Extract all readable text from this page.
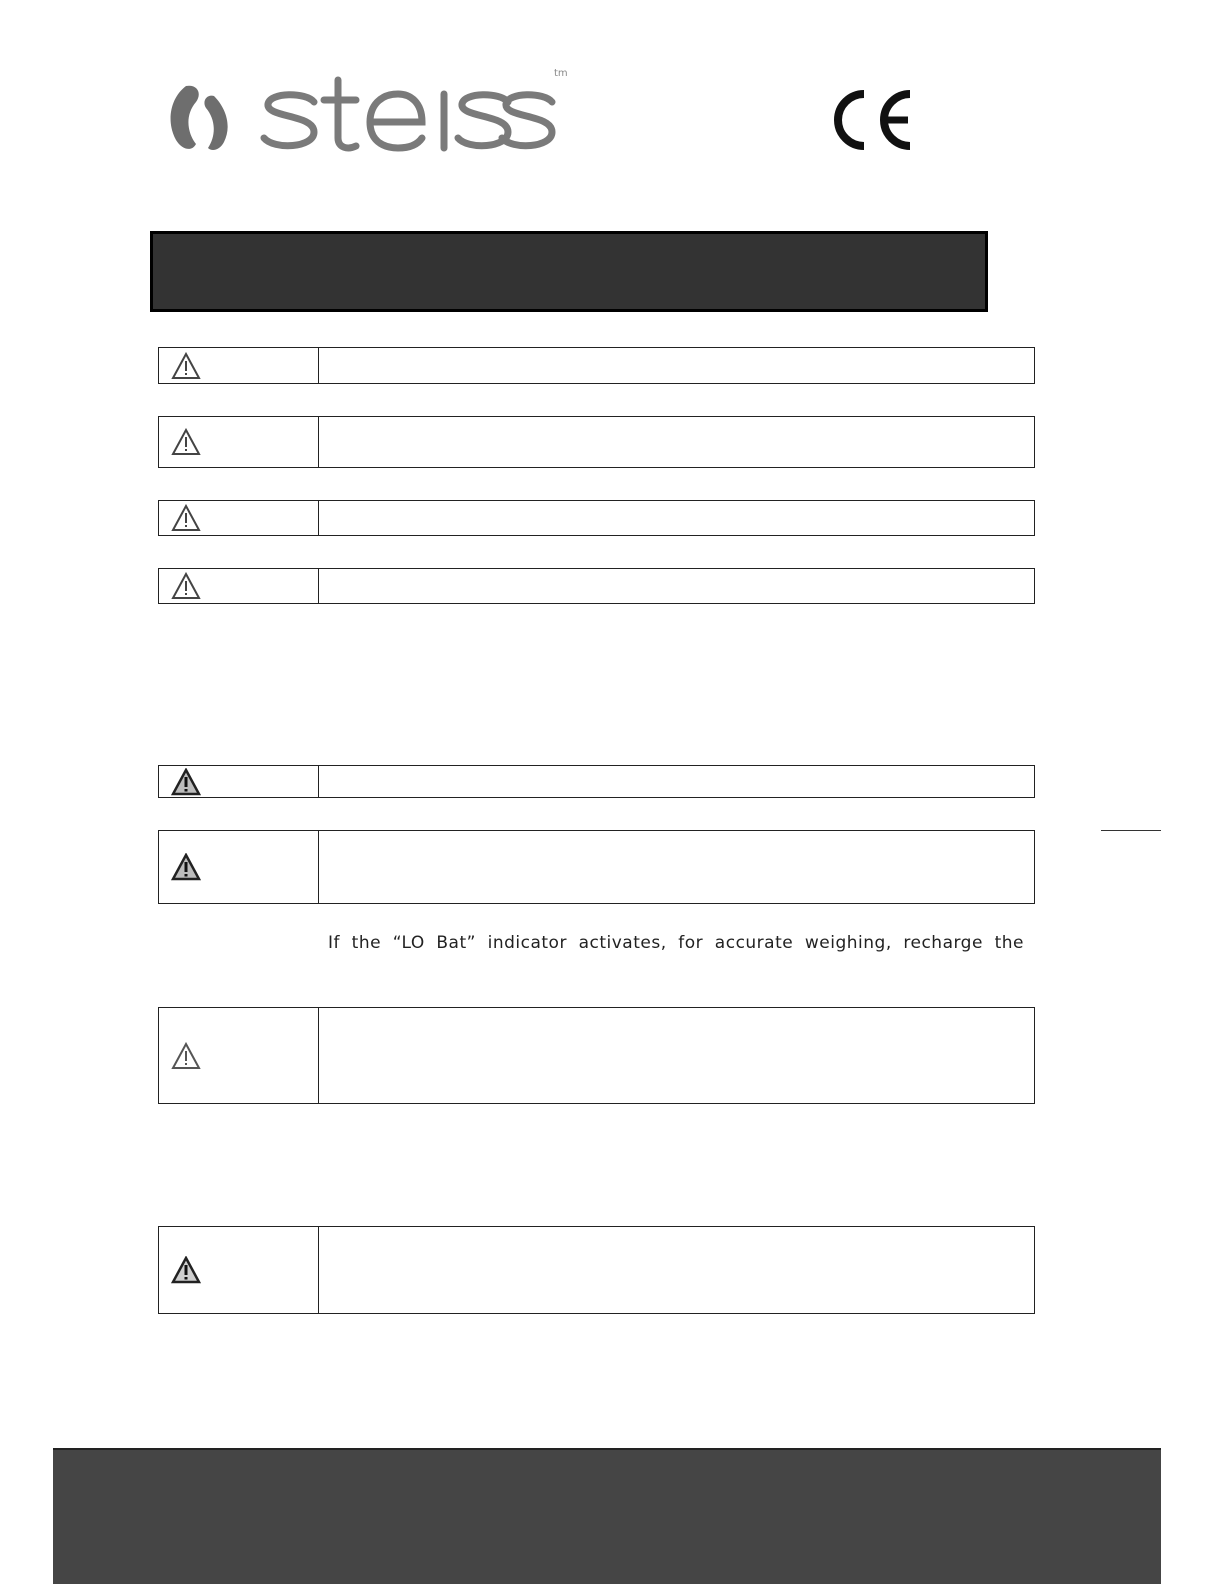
tm
If the “LO Bat” indicator activates, for accurate weighing, recharge the
